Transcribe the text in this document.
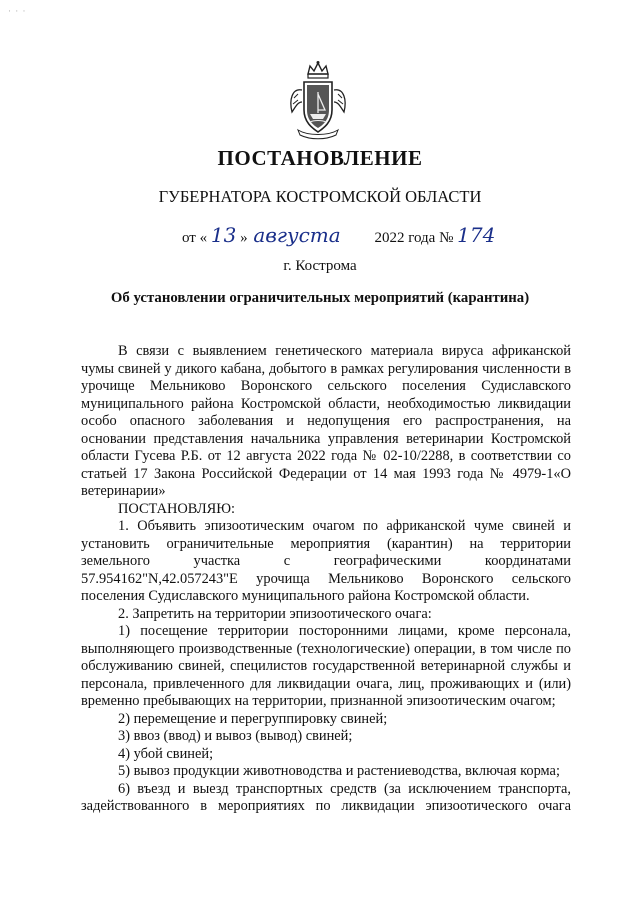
· · ·
ПОСТАНОВЛЕНИЕ
ГУБЕРНАТОРА КОСТРОМСКОЙ ОБЛАСТИ
от « 13 » августа 2022 года № 174
г. Кострома
Об установлении ограничительных мероприятий (карантина)

В связи с выявлением генетического материала вируса африканской чумы свиней у дикого кабана, добытого в рамках регулирования численности в урочище Мельниково Воронского сельского поселения Судиславского муниципального района Костромской области, необходимостью ликвидации особо опасного заболевания и недопущения его распространения, на основании представления начальника управления ветеринарии Костромской области Гусева Р.Б. от 12 августа 2022 года № 02-10/2288, в соответствии со статьей 17 Закона Российской Федерации от 14 мая 1993 года № 4979-1«О ветеринарии»

ПОСТАНОВЛЯЮ:

1. Объявить эпизоотическим очагом по африканской чуме свиней и установить ограничительные мероприятия (карантин) на территории земельного участка с географическими координатами 57.954162"N,42.057243"E урочища Мельниково Воронского сельского поселения Судиславского муниципального района Костромской области.

2. Запретить на территории эпизоотического очага:

1) посещение территории посторонними лицами, кроме персонала, выполняющего производственные (технологические) операции, в том числе по обслуживанию свиней, специлистов государственной ветеринарной службы и персонала, привлеченного для ликвидации очага, лиц, проживающих и (или) временно пребывающих на территории, признанной эпизоотическим очагом;

2) перемещение и перегруппировку свиней;

3) ввоз (ввод) и вывоз (вывод) свиней;

4) убой свиней;

5) вывоз продукции животноводства и растениеводства, включая корма;

6) въезд и выезд транспортных средств (за исключением транспорта, задействованного в мероприятиях по ликвидации эпизоотического очага
